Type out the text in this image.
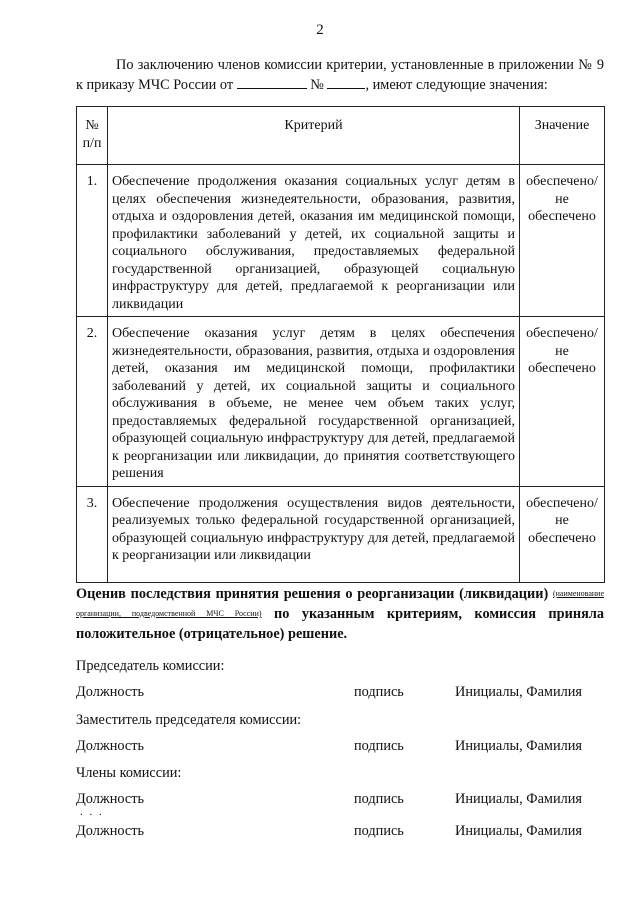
2
По заключению членов комиссии критерии, установленные в приложении № 9 к приказу МЧС России от	№	, имеют следующие значения:
№ п/п	Критерий	Значение
1.	Обеспечение продолжения оказания социальных услуг детям в целях обеспечения жизнедеятельности, образования, развития, отдыха и оздоровления детей, оказания им медицинской помощи, профилактики заболеваний у детей, их социальной защиты и социального обслуживания, предоставляемых федеральной государственной организацией, образующей социальную инфраструктуру для детей, предлагаемой к реорганизации или ликвидации	обеспечено/ не обеспечено
2.	Обеспечение оказания услуг детям в целях обеспечения жизнедеятельности, образования, развития, отдыха и оздоровления детей, оказания им медицинской помощи, профилактики заболеваний у детей, их социальной защиты и социального обслуживания в объеме, не менее чем объем таких услуг, предоставляемых федеральной государственной организацией, образующей социальную инфраструктуру для детей, предлагаемой к реорганизации или ликвидации, до принятия соответствующего решения	обеспечено/ не обеспечено
3.	Обеспечение продолжения осуществления видов деятельности, реализуемых только федеральной государственной организацией, образующей социальную инфраструктуру для детей, предлагаемой к реорганизации или ликвидации	обеспечено/ не обеспечено
Оценив последствия принятия решения о реорганизации (ликвидации) (наименование организации, подведомственной МЧС России) по указанным критериям, комиссия приняла положительное (отрицательное) решение.
Председатель комиссии:
Должность	подпись	Инициалы, Фамилия
Заместитель председателя комиссии:
Должность	подпись	Инициалы, Фамилия
Члены комиссии:
Должность	подпись	Инициалы, Фамилия
. . .
Должность	подпись	Инициалы, Фамилия
